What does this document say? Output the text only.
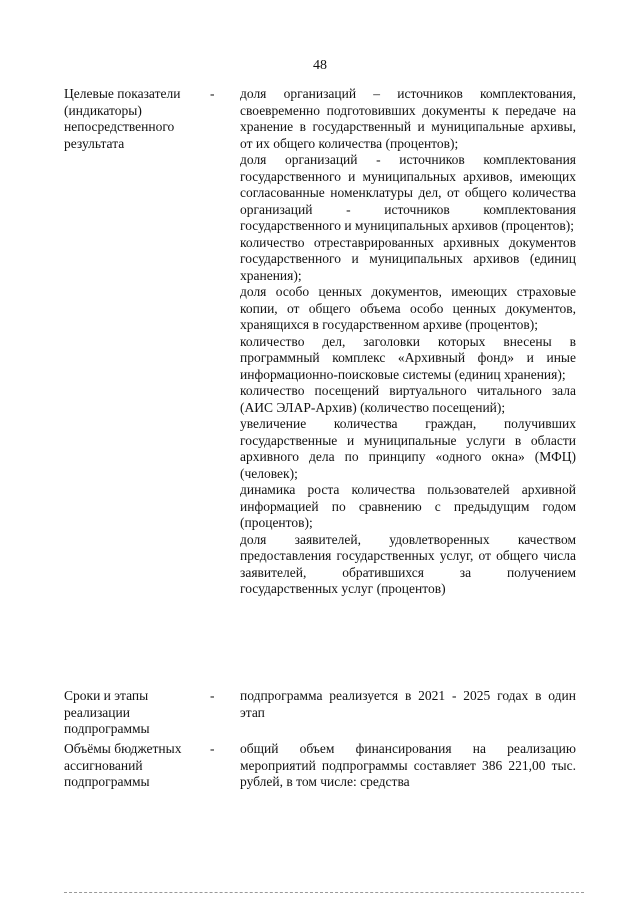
48
Целевые показатели
(индикаторы)
непосредственного
результата
- доля организаций – источников комплектования, своевременно подготовивших документы к передаче на хранение в государственный и муниципальные архивы, от их общего количества (процентов);

доля организаций - источников комплектования государственного и муниципальных архивов, имеющих согласованные номенклатуры дел, от общего количества организаций - источников комплектования государственного и муниципальных архивов (процентов);

количество отреставрированных архивных документов государственного и муниципальных архивов (единиц хранения);

доля особо ценных документов, имеющих страховые копии, от общего объема особо ценных документов, хранящихся в государственном архиве (процентов);

количество дел, заголовки которых внесены в программный комплекс «Архивный фонд» и иные информационно-поисковые системы (единиц хранения);

количество посещений виртуального читального зала (АИС ЭЛАР-Архив) (количество посещений);

увеличение количества граждан, получивших государственные и муниципальные услуги в области архивного дела по принципу «одного окна» (МФЦ) (человек);

динамика роста количества пользователей архивной информацией по сравнению с предыдущим годом (процентов);

доля заявителей, удовлетворенных качеством предоставления государственных услуг, от общего числа заявителей, обратившихся за получением государственных услуг (процентов)

Сроки и этапы
реализации
подпрограммы
- подпрограмма реализуется в 2021 - 2025 годах в один этап

Объёмы бюджетных
ассигнований
подпрограммы
- общий объем финансирования на реализацию мероприятий подпрограммы составляет 386 221,00 тыс. рублей, в том числе: средства
